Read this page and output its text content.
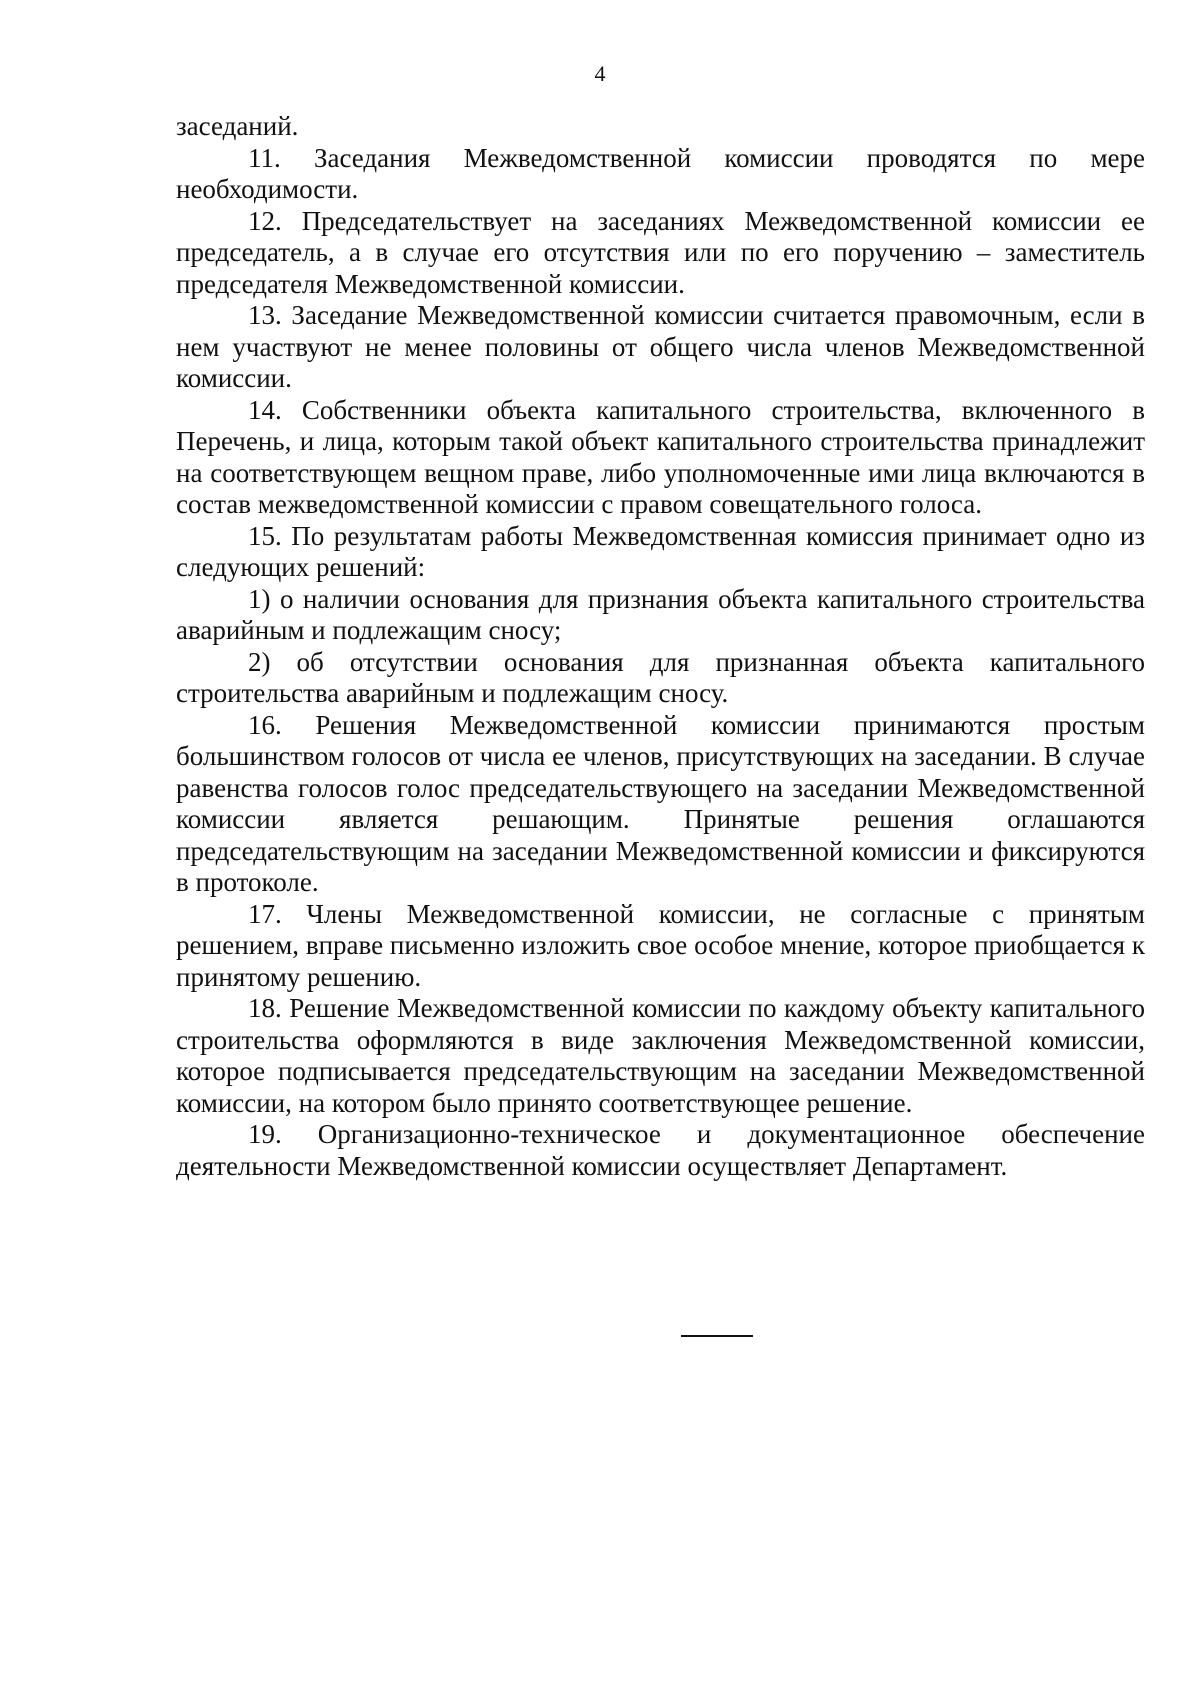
4

заседаний.

11. Заседания Межведомственной комиссии проводятся по мере необходимости.

12. Председательствует на заседаниях Межведомственной комиссии ее председатель, а в случае его отсутствия или по его поручению – заместитель председателя Межведомственной комиссии.

13. Заседание Межведомственной комиссии считается правомочным, если в нем участвуют не менее половины от общего числа членов Межведомственной комиссии.

14. Собственники объекта капитального строительства, включенного в Перечень, и лица, которым такой объект капитального строительства принадлежит на соответствующем вещном праве, либо уполномоченные ими лица включаются в состав межведомственной комиссии с правом совещательного голоса.

15. По результатам работы Межведомственная комиссия принимает одно из следующих решений:

1) о наличии основания для признания объекта капитального строительства аварийным и подлежащим сносу;

2) об отсутствии основания для признанная объекта капитального строительства аварийным и подлежащим сносу.

16. Решения Межведомственной комиссии принимаются простым большинством голосов от числа ее членов, присутствующих на заседании. В случае равенства голосов голос председательствующего на заседании Межведомственной комиссии является решающим. Принятые решения оглашаются председательствующим на заседании Межведомственной комиссии и фиксируются в протоколе.

17. Члены Межведомственной комиссии, не согласные с принятым решением, вправе письменно изложить свое особое мнение, которое приобщается к принятому решению.

18. Решение Межведомственной комиссии по каждому объекту капитального строительства оформляются в виде заключения Межведомственной комиссии, которое подписывается председательствующим на заседании Межведомственной комиссии, на котором было принято соответствующее решение.

19. Организационно-техническое и документационное обеспечение деятельности Межведомственной комиссии осуществляет Департамент.
